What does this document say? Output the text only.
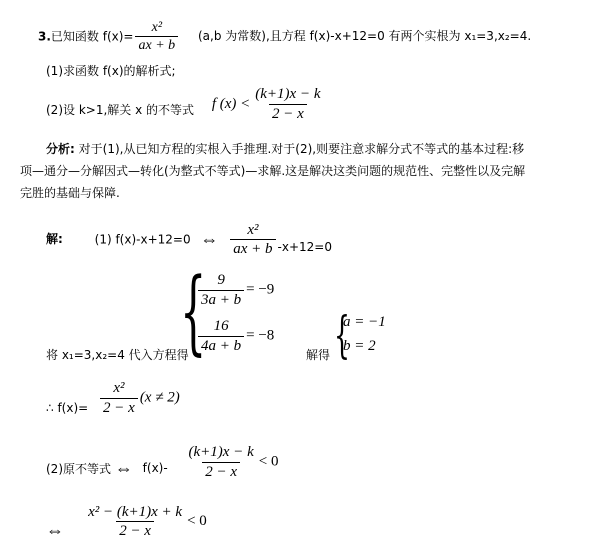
3.已知函数 $f(x)= \frac{\text{x²}}{ax + b} (a,b$ 为常数),且方程 f(x)-x+12=0 有两个实根为 x₁=3,x₂=4.
(1)求函数 f(x)的解析式;
(2)设 k>1,解关 x 的不等式 f $(x) < \frac{(k+1)x - k}{2 - x}$
分析: 对于(1),从已知方程的实根入手推理.对于(2),则要注意求解分式不等式的基本过程:移
项—通分—分解因式—转化(为整式不等式)—求解.这是解决这类问题的规范性、完整性以及完解
完胜的基础与保障.
解:	(1) f(x)-x+12=0 ⇔ $\frac{\text{x²}}{ax + b} -x+12=0$
{
$\frac{9}{3a + b} = -9$
$\frac{16}{4a + b} = -8$
将 x₁=3,x₂=4 代入方程得	解得 {
a = −1
b = 2
∴ $f(x)= \frac{\text{x²}}{2 - x} (x \ne 2)$
(2)原不等式 ⇔ $f(x)- \frac{(k+1)x - k}{2 - x} < 0$
⇔ $\frac{\text{x² − (k+1)x + k}}{2 - x} < 0$
